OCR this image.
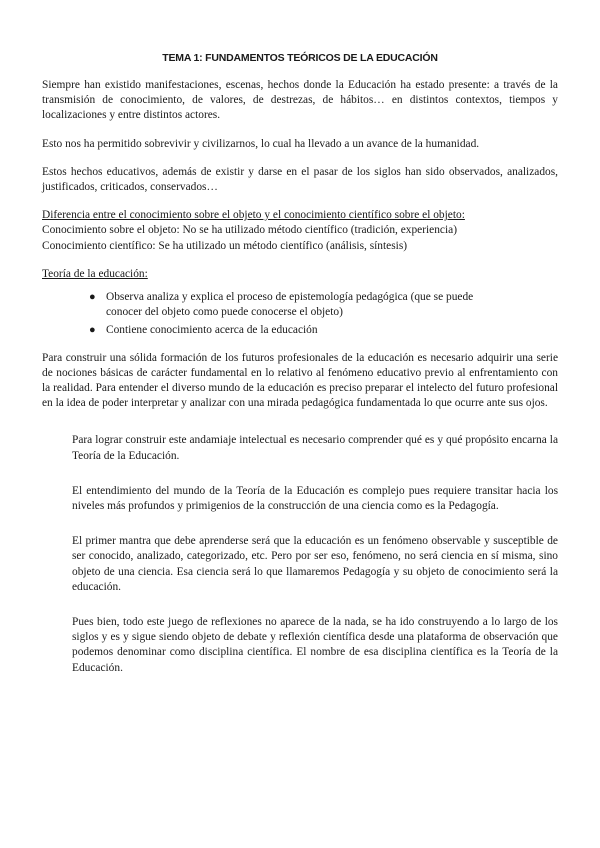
TEMA 1: FUNDAMENTOS TEÓRICOS DE LA EDUCACIÓN

Siempre han existido manifestaciones, escenas, hechos donde la Educación ha estado presente: a través de la transmisión de conocimiento, de valores, de destrezas, de hábitos… en distintos contextos, tiempos y localizaciones y entre distintos actores.

Esto nos ha permitido sobrevivir y civilizarnos, lo cual ha llevado a un avance de la humanidad.

Estos hechos educativos, además de existir y darse en el pasar de los siglos han sido observados, analizados, justificados, criticados, conservados…

Diferencia entre el conocimiento sobre el objeto y el conocimiento científico sobre el objeto:
Conocimiento sobre el objeto: No se ha utilizado método científico (tradición, experiencia)
Conocimiento científico: Se ha utilizado un método científico (análisis, síntesis)
Teoría de la educación:
● Observa analiza y explica el proceso de epistemología pedagógica (que se puede conocer del objeto como puede conocerse el objeto)
● Contiene conocimiento acerca de la educación

Para construir una sólida formación de los futuros profesionales de la educación es necesario adquirir una serie de nociones básicas de carácter fundamental en lo relativo al fenómeno educativo previo al enfrentamiento con la realidad. Para entender el diverso mundo de la educación es preciso preparar el intelecto del futuro profesional en la idea de poder interpretar y analizar con una mirada pedagógica fundamentada lo que ocurre ante sus ojos.

Para lograr construir este andamiaje intelectual es necesario comprender qué es y qué propósito encarna la Teoría de la Educación.

El entendimiento del mundo de la Teoría de la Educación es complejo pues requiere transitar hacia los niveles más profundos y primigenios de la construcción de una ciencia como es la Pedagogía.

El primer mantra que debe aprenderse será que la educación es un fenómeno observable y susceptible de ser conocido, analizado, categorizado, etc. Pero por ser eso, fenómeno, no será ciencia en sí misma, sino objeto de una ciencia. Esa ciencia será lo que llamaremos Pedagogía y su objeto de conocimiento será la educación.

Pues bien, todo este juego de reflexiones no aparece de la nada, se ha ido construyendo a lo largo de los siglos y es y sigue siendo objeto de debate y reflexión científica desde una plataforma de observación que podemos denominar como disciplina científica. El nombre de esa disciplina científica es la Teoría de la Educación.
